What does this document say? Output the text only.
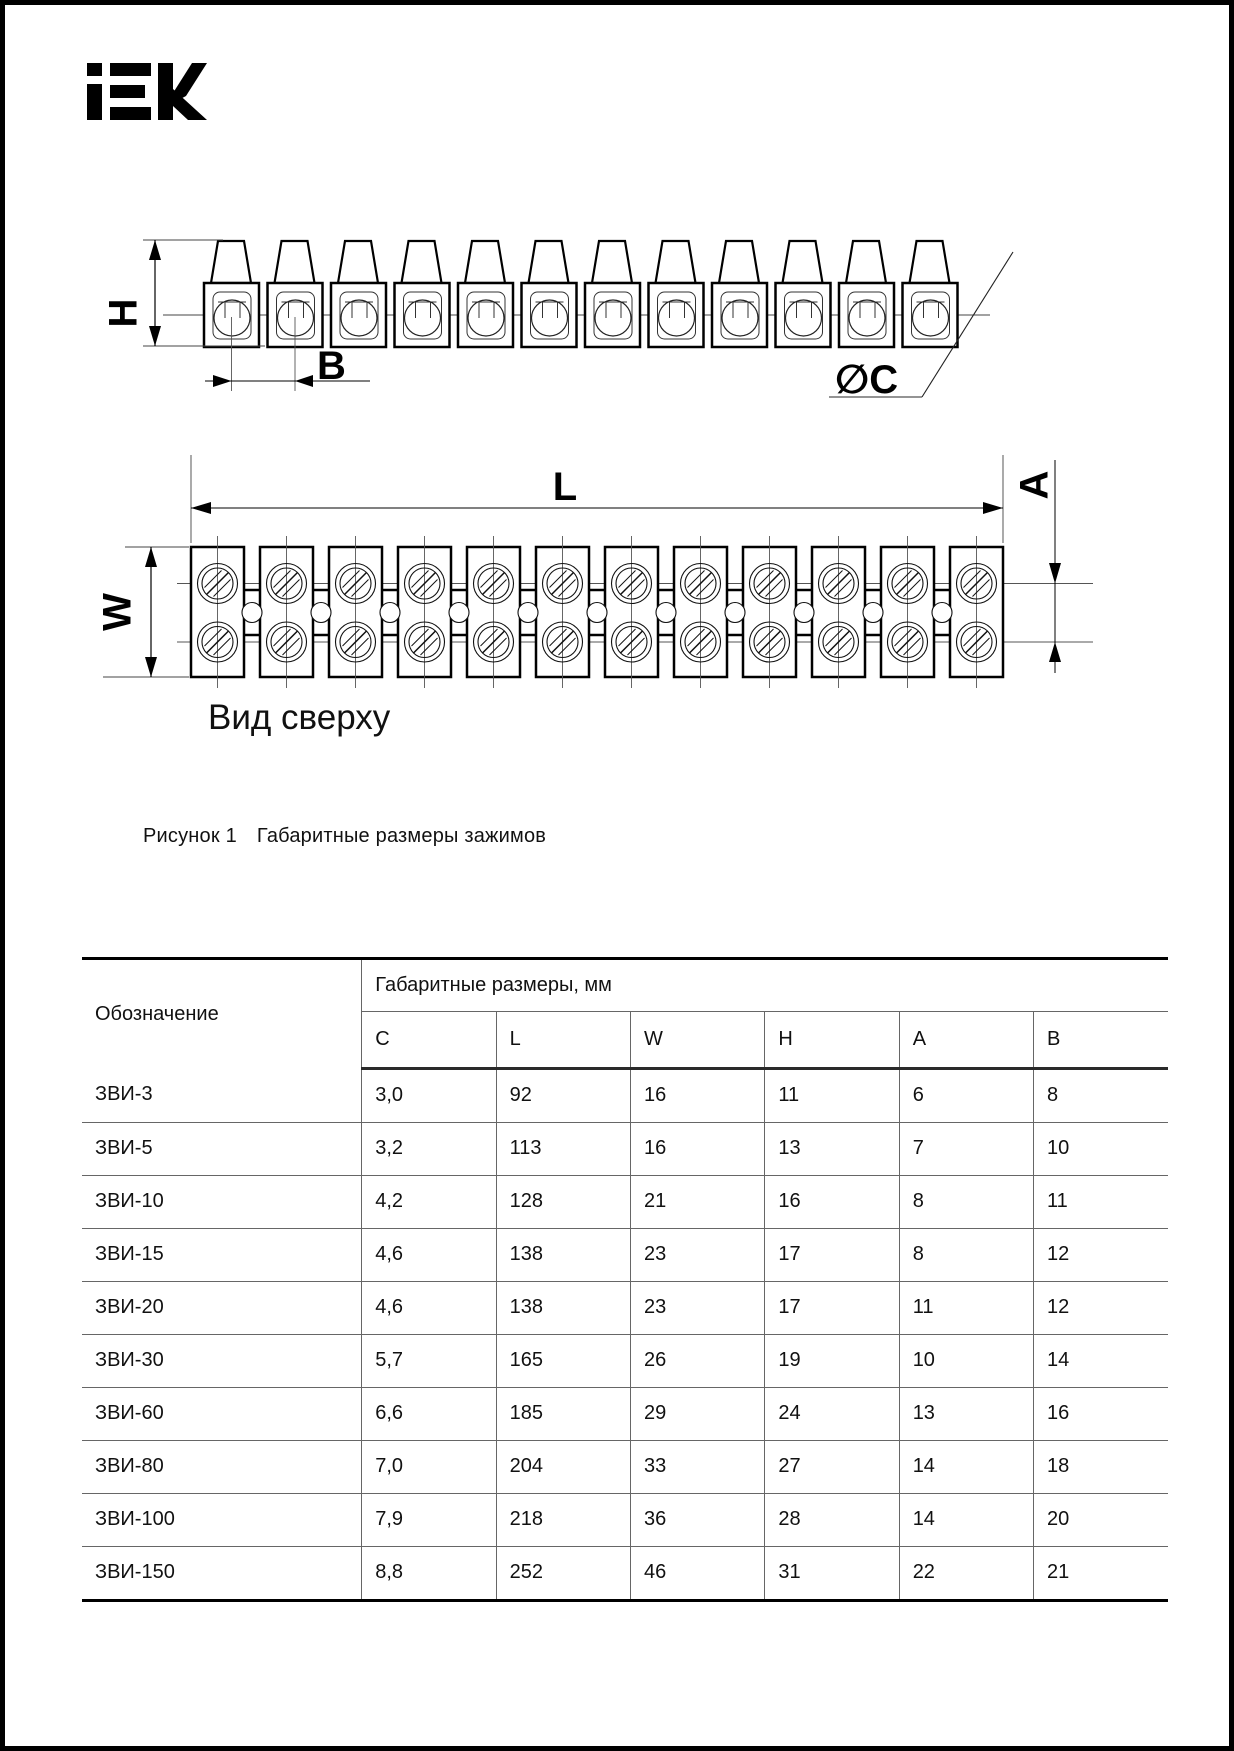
H
B	∅C
L	A
W
Вид сверху
Рисунок 1 Габаритные размеры зажимов
Обозначение	Габаритные размеры, мм					
	C	L	W	H	A	B
ЗВИ-3	3,0	92	16	11	6	8
ЗВИ-5	3,2	113	16	13	7	10
ЗВИ-10	4,2	128	21	16	8	11
ЗВИ-15	4,6	138	23	17	8	12
ЗВИ-20	4,6	138	23	17	11	12
ЗВИ-30	5,7	165	26	19	10	14
ЗВИ-60	6,6	185	29	24	13	16
ЗВИ-80	7,0	204	33	27	14	18
ЗВИ-100	7,9	218	36	28	14	20
ЗВИ-150	8,8	252	46	31	22	21
